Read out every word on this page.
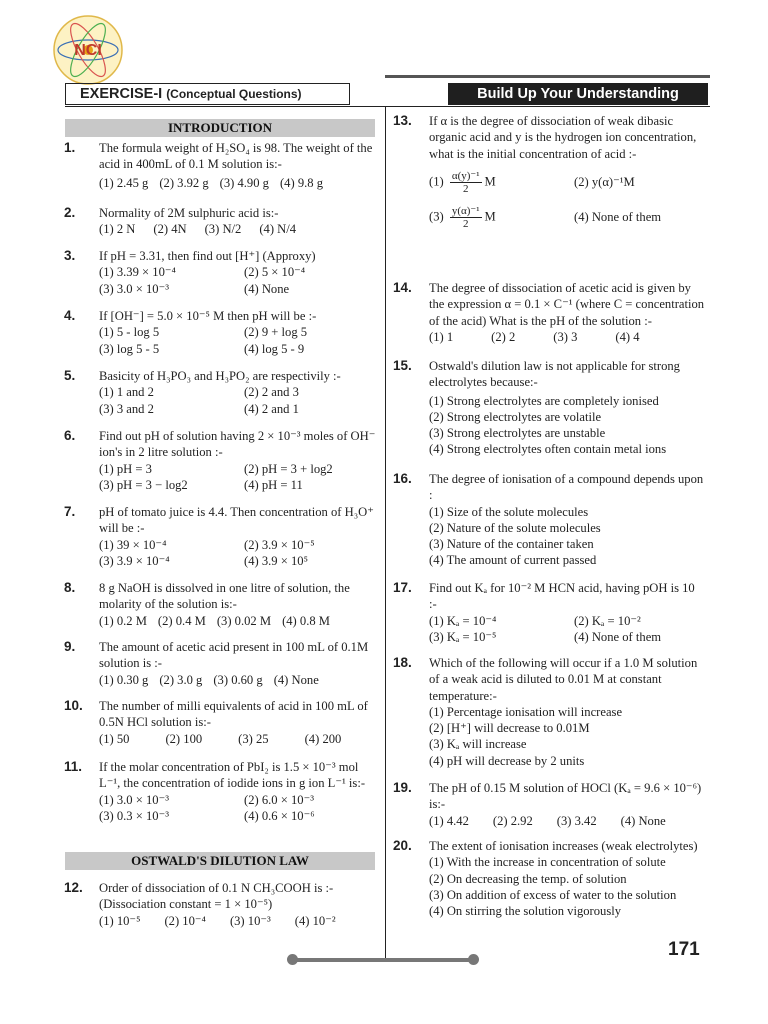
NCI
EXERCISE-I (Conceptual Questions)	Build Up Your Understanding
INTRODUCTION
OSTWALD'S DILUTION LAW
1. The formula weight of H₂SO₄ is 98. The weight of the acid in 400mL of 0.1 M solution is:-
(1) 2.45 g (2) 3.92 g (3) 4.90 g (4) 9.8 g
2. Normality of 2M sulphuric acid is:-
(1) 2 N (2) 4N (3) N/2 (4) N/4
3. If pH = 3.31, then find out [H⁺] (Approxy)
(1) 3.39 × 10⁻⁴	(2) 5 × 10⁻⁴
(3) 3.0 × 10⁻³	(4) None
4. If [OH⁻] = 5.0 × 10⁻⁵ M then pH will be :-
(1) 5 - log 5	(2) 9 + log 5
(3) log 5 - 5	(4) log 5 - 9
5. Basicity of H₃PO₃ and H₃PO₂ are respectivily :-
(1) 1 and 2	(2) 2 and 3
(3) 3 and 2	(4) 2 and 1
6. Find out pH of solution having 2 × 10⁻³ moles of OH⁻ ion's in 2 litre solution :-
(1) pH = 3	(2) pH = 3 + log2
(3) pH = 3 − log2	(4) pH = 11
7. pH of tomato juice is 4.4. Then concentration of H₃O⁺ will be :-
(1) 39 × 10⁻⁴	(2) 3.9 × 10⁻⁵
(3) 3.9 × 10⁻⁴	(4) 3.9 × 10⁵
8. 8 g NaOH is dissolved in one litre of solution, the molarity of the solution is:-
(1) 0.2 M (2) 0.4 M (3) 0.02 M (4) 0.8 M
9. The amount of acetic acid present in 100 mL of 0.1M solution is :-
(1) 0.30 g (2) 3.0 g (3) 0.60 g (4) None
10. The number of milli equivalents of acid in 100 mL of 0.5N HCl solution is:-
(1) 50	(2) 100	(3) 25	(4) 200
11. If the molar concentration of PbI₂ is 1.5 × 10⁻³ mol L⁻¹, the concentration of iodide ions in g ion L⁻¹ is:-
(1) 3.0 × 10⁻³	(2) 6.0 × 10⁻³
(3) 0.3 × 10⁻³	(4) 0.6 × 10⁻⁶
12. Order of dissociation of 0.1 N CH₃COOH is :- (Dissociation constant = 1 × 10⁻⁵)
(1) 10⁻⁵ (2) 10⁻⁴ (3) 10⁻³ (4) 10⁻²
13. If α is the degree of dissociation of weak dibasic organic acid and y is the hydrogen ion concentration, what is the initial concentration of acid :-
$(1) \frac{\text{α(y)⁻¹}}{2}$ M	(2) y(α)⁻¹M
$(3) \frac{\text{y(α)⁻¹}}{2}$ M	(4) None of them
14. The degree of dissociation of acetic acid is given by the expression α = 0.1 × C⁻¹ (where C = concentration of the acid) What is the pH of the solution :-
(1) 1	(2) 2	(3) 3	(4) 4
15. Ostwald's dilution law is not applicable for strong electrolytes because:-
(1) Strong electrolytes are completely ionised
(2) Strong electrolytes are volatile
(3) Strong electrolytes are unstable
(4) Strong electrolytes often contain metal ions
16. The degree of ionisation of a compound depends upon :
(1) Size of the solute molecules
(2) Nature of the solute molecules
(3) Nature of the container taken
(4) The amount of current passed
17. Find out Kₐ for 10⁻² M HCN acid, having pOH is 10 :-
(1) Kₐ = 10⁻⁴	(2) Kₐ = 10⁻²
(3) Kₐ = 10⁻⁵	(4) None of them
18. Which of the following will occur if a 1.0 M solution of a weak acid is diluted to 0.01 M at constant temperature:-
(1) Percentage ionisation will increase
(2) [H⁺] will decrease to 0.01M
(3) Kₐ will increase
(4) pH will decrease by 2 units
19. The pH of 0.15 M solution of HOCl (Kₐ = 9.6 × 10⁻⁶) is:-
(1) 4.42 (2) 2.92 (3) 3.42 (4) None
20. The extent of ionisation increases (weak electrolytes)
(1) With the increase in concentration of solute
(2) On decreasing the temp. of solution
(3) On addition of excess of water to the solution
(4) On stirring the solution vigorously
171
